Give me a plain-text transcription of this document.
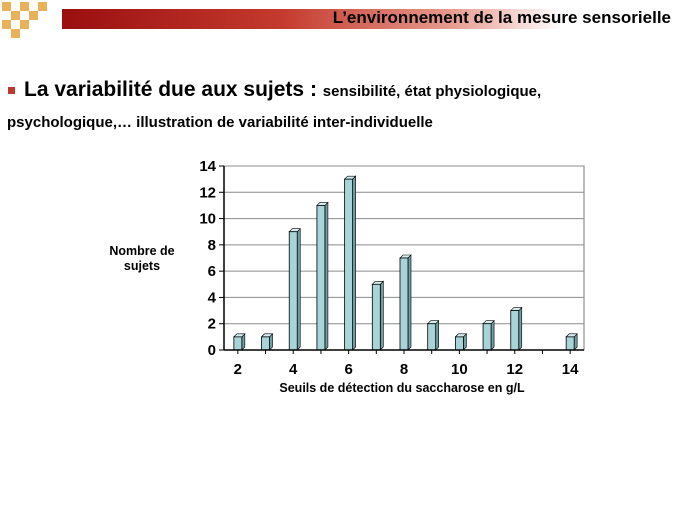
L’environnement de la mesure sensorielle
La variabilité due aux sujets : sensibilité, état physiologique,
psychologique,… illustration de variabilité inter-individuelle
Nombre de sujets
0
2
4
6
8
10
12
14
2	4	6	8	10	12	14
Seuils de détection du saccharose en g/L
